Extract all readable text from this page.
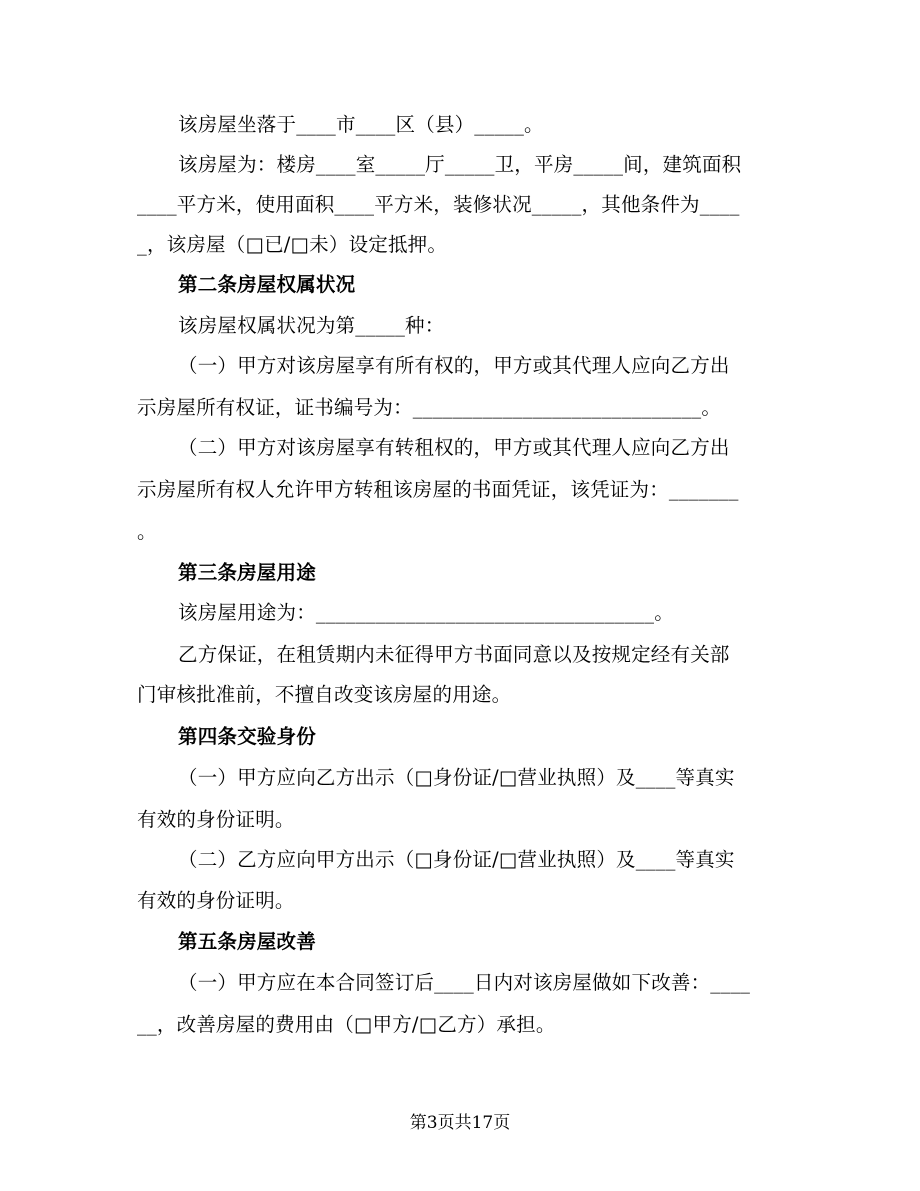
该房屋坐落于____市____区（县）_____。
该房屋为：楼房____室_____厅_____卫，平房_____间，建筑面积
____平方米，使用面积____平方米，装修状况_____，其他条件为____
_，该房屋（□已/□未）设定抵押。
第二条房屋权属状况
该房屋权属状况为第_____种：
（一）甲方对该房屋享有所有权的，甲方或其代理人应向乙方出
示房屋所有权证，证书编号为：_____________________________。
（二）甲方对该房屋享有转租权的，甲方或其代理人应向乙方出
示房屋所有权人允许甲方转租该房屋的书面凭证，该凭证为：_______
。
第三条房屋用途
该房屋用途为：__________________________________。
乙方保证，在租赁期内未征得甲方书面同意以及按规定经有关部
门审核批准前，不擅自改变该房屋的用途。
第四条交验身份
（一）甲方应向乙方出示（□身份证/□营业执照）及____等真实
有效的身份证明。
（二）乙方应向甲方出示（□身份证/□营业执照）及____等真实
有效的身份证明。
第五条房屋改善
（一）甲方应在本合同签订后____日内对该房屋做如下改善：____
__，改善房屋的费用由（□甲方/□乙方）承担。
第3页共17页
